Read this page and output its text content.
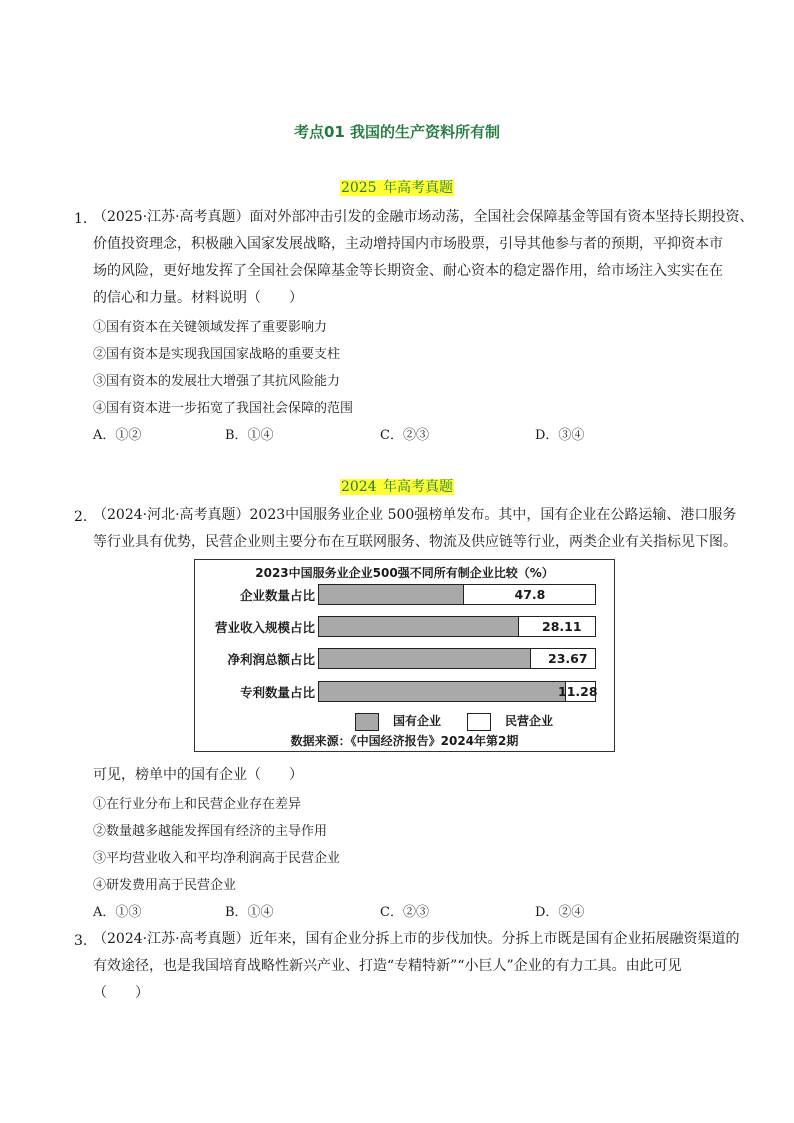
考点01 我国的生产资料所有制
2025 年高考真题
1．
（2025·江苏·高考真题）面对外部冲击引发的金融市场动荡，全国社会保障基金等国有资本坚持长期投资、
价值投资理念，积极融入国家发展战略，主动增持国内市场股票，引导其他参与者的预期，平抑资本市
场的风险，更好地发挥了全国社会保障基金等长期资金、耐心资本的稳定器作用，给市场注入实实在在
的信心和力量。材料说明（　　）
①国有资本在关键领域发挥了重要影响力
②国有资本是实现我国国家战略的重要支柱
③国有资本的发展壮大增强了其抗风险能力
④国有资本进一步拓宽了我国社会保障的范围
A．①②	B．①④	C．②③	D．③④
2024 年高考真题
2．
（2024·河北·高考真题）2023中国服务业企业 500强榜单发布。其中，国有企业在公路运输、港口服务
等行业具有优势，民营企业则主要分布在互联网服务、物流及供应链等行业，两类企业有关指标见下图。
2023中国服务业企业500强不同所有制企业比较（%）
企业数量占比	47.8
营业收入规模占比	28.11
净利润总额占比	23.67
专利数量占比	11.28
国有企业	民营企业
数据来源：《中国经济报告》2024年第2期
可见，榜单中的国有企业（　　）
①在行业分布上和民营企业存在差异
②数量越多越能发挥国有经济的主导作用
③平均营业收入和平均净利润高于民营企业
④研发费用高于民营企业
A．①③	B．①④	C．②③	D．②④
3．
（2024·江苏·高考真题）近年来，国有企业分拆上市的步伐加快。分拆上市既是国有企业拓展融资渠道的
有效途径，也是我国培育战略性新兴产业、打造“专精特新”“小巨人”企业的有力工具。由此可见
（　　）
